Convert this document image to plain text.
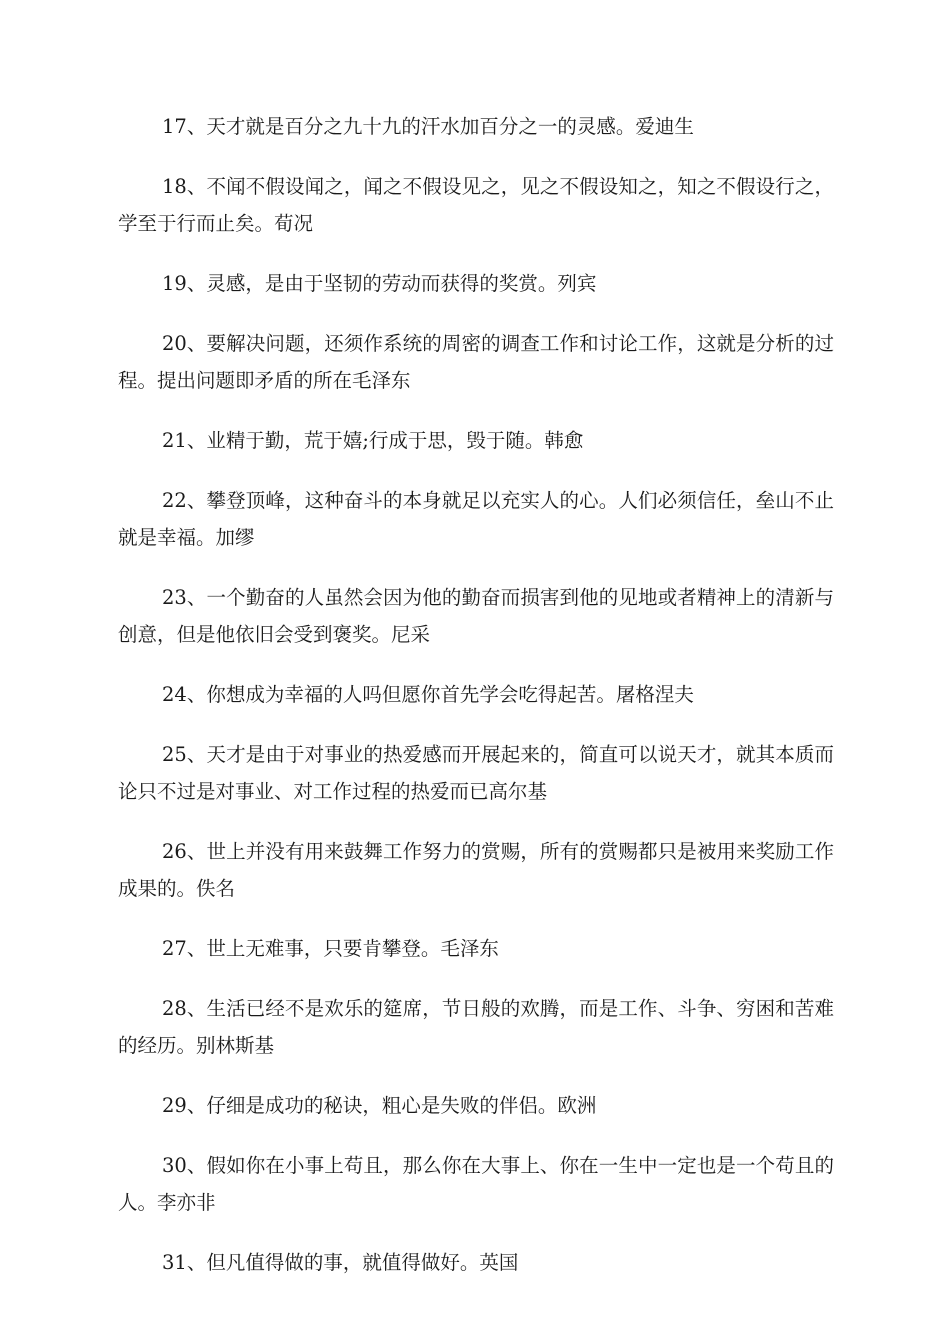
17、天才就是百分之九十九的汗水加百分之一的灵感。爱迪生

18、不闻不假设闻之，闻之不假设见之，见之不假设知之，知之不假设行之，学至于行而止矣。荀况

19、灵感，是由于坚韧的劳动而获得的奖赏。列宾

20、要解决问题，还须作系统的周密的调查工作和讨论工作，这就是分析的过程。提出问题即矛盾的所在毛泽东

21、业精于勤，荒于嬉;行成于思，毁于随。韩愈

22、攀登顶峰，这种奋斗的本身就足以充实人的心。人们必须信任，垒山不止就是幸福。加缪

23、一个勤奋的人虽然会因为他的勤奋而损害到他的见地或者精神上的清新与创意，但是他依旧会受到褒奖。尼采

24、你想成为幸福的人吗但愿你首先学会吃得起苦。屠格涅夫

25、天才是由于对事业的热爱感而开展起来的，简直可以说天才，就其本质而论只不过是对事业、对工作过程的热爱而已高尔基

26、世上并没有用来鼓舞工作努力的赏赐，所有的赏赐都只是被用来奖励工作成果的。佚名

27、世上无难事，只要肯攀登。毛泽东

28、生活已经不是欢乐的筵席，节日般的欢腾，而是工作、斗争、穷困和苦难的经历。别林斯基

29、仔细是成功的秘诀，粗心是失败的伴侣。欧洲

30、假如你在小事上苟且，那么你在大事上、你在一生中一定也是一个苟且的人。李亦非

31、但凡值得做的事，就值得做好。英国
